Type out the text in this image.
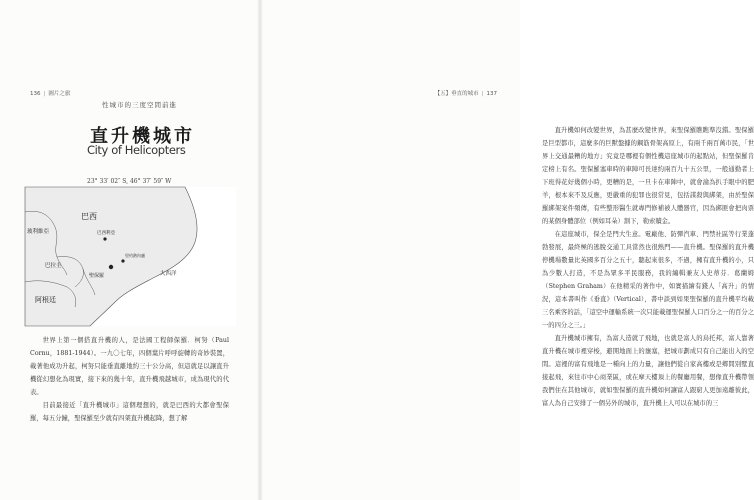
136 | 圖片之旅
性城市的三度空間前進
直升機城市
City of Helicopters
23° 33′ 02″ S, 46° 37′ 59″ W
巴西
玻利維亞
巴拉圭
阿根廷
巴西利亞
聖保羅
里約熱內盧
大西洋

世界上第一個搭直升機的人，是法國工程師保羅．柯努（Paul Cornu，1881-1944）。一九〇七年，四個葉片呼呼旋轉的奇妙裝置，載著他成功升起，柯努只能垂直離地約三十公分高，但這就足以讓直升機從幻想化為現實，接下來的幾十年，直升機飛越城市，成為現代的代表。

目前最接近「直升機城市」這個理想的，就是巴西的大都會聖保羅，每五分鐘，聖保羅至少就有四架直升機起降，想了解

【五】垂直的城市 | 137

直升機如何改變世界，為甚麼改變世界，來聖保羅瞧瞧準沒錯。聖保羅是巨型都市，這麼多的巨獸盤據的鋼筋骨架高原上，有兩千兩百萬市民，「世界上交通最糟的地方」究竟是哪裡有個性機這座城市的起點站，但聖保羅肯定榜上有名。聖保羅塞車時的車陣可長達約兩百九十五公里，一般通勤者上下班得花好幾個小時，更糟的是，一旦卡在車陣中，就會淪為扒手眼中的肥羊，根本來不及反應，更嚴重的犯罪也很常見，包括謀殺與綁架，由於聖保羅綁架案件頻傳，有些整形醫生就專門修補被人體器官，因為綁匪會把肉票的某個身體部位（例如耳朵）割下，勒索贖金。

在這座城市，保全是門大生意。電廠他、防彈汽車、門禁社區等行業蓬勃發展，最終極的逃脫交通工具當然也很熱門——直升機。聖保羅的直升機停機場數量比英國多百分之五十，聽起來很多，不過，擁有直升機的小，只為少數人打造，不是為眾多平民服務，我的編輯兼友人史蒂芬．葛蘭姆（Stephen Graham）在他精采的著作中，如實描繪有錢人「高升」的情況，這本書叫作《垂直》（Vertical），書中談到如果聖保羅的直升機平均載三名乘客的話，「這空中運輸系統一次只能載運聖保羅人口百分之一的百分之一的四分之三。」

直升機城市擁有，為富人造就了飛地，也就是富人的烏托邦，富人靠著直升機在城市裡穿梭，避開地面上的壅塞，把城市劃成只有自己能出入的空間。這裡的富有飛地是一種向上的力量，讓他們從自家高樓或是鄉間別墅直接起飛，來往市中心商業區，或在摩天樓頂上的餐廳用餐，想像直升機帶領我們住在其他城市，就如聖保羅的直升機如何讓富人跟窮人更加遠離彼此，富人為自己安排了一個另外的城市，直升機上人可以在城市的三
